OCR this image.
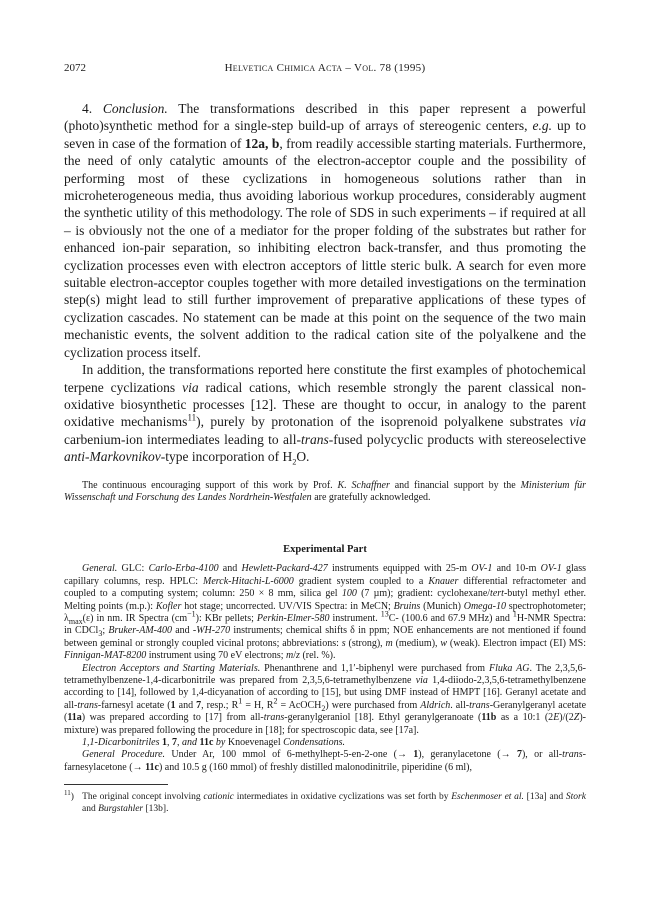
2072	Helvetica Chimica Acta – Vol. 78 (1995)

4. Conclusion. The transformations described in this paper represent a powerful (photo)synthetic method for a single-step build-up of arrays of stereogenic centers, e.g. up to seven in case of the formation of 12a, b, from readily accessible starting materials. Furthermore, the need of only catalytic amounts of the electron-acceptor couple and the possibility of performing most of these cyclizations in homogeneous solutions rather than in microheterogeneous media, thus avoiding laborious workup procedures, considerably augment the synthetic utility of this methodology. The role of SDS in such experiments – if required at all – is obviously not the one of a mediator for the proper folding of the substrates but rather for enhanced ion-pair separation, so inhibiting electron back-transfer, and thus promoting the cyclization processes even with electron acceptors of little steric bulk. A search for even more suitable electron-acceptor couples together with more detailed investigations on the termination step(s) might lead to still further improvement of preparative applications of these types of cyclization cascades. No statement can be made at this point on the sequence of the two main mechanistic events, the solvent addition to the radical cation site of the polyalkene and the cyclization process itself.

In addition, the transformations reported here constitute the first examples of photochemical terpene cyclizations via radical cations, which resemble strongly the parent classical non-oxidative biosynthetic processes [12]. These are thought to occur, in analogy to the parent oxidative mechanisms$^{11}$), purely by protonation of the isoprenoid polyalkene substrates via carbenium-ion intermediates leading to all-trans-fused polycyclic products with stereoselective anti-Markovnikov-type incorporation of $H_2O$.

The continuous encouraging support of this work by Prof. K. Schaffner and financial support by the Ministerium für Wissenschaft und Forschung des Landes Nordrhein-Westfalen are gratefully acknowledged.

Experimental Part

General. GLC: Carlo-Erba-4100 and Hewlett-Packard-427 instruments equipped with 25-m OV-1 and 10-m OV-1 glass capillary columns, resp. HPLC: Merck-Hitachi-L-6000 gradient system coupled to a Knauer differential refractometer and coupled to a computing system; column: 250 × 8 mm, silica gel 100 (7 µm); gradient: cyclohexane/tert-butyl methyl ether. Melting points (m.p.): Kofler hot stage; uncorrected. UV/VIS Spectra: in MeCN; Bruins (Munich) Omega-10 spectrophotometer; $\lambda_{max}(\varepsilon)$ in nm. IR Spectra $(cm^{-1})$: KBr pellets; Perkin-Elmer-580 instrument. $^{13}$C- (100.6 and 67.9 MHz) and $^1$H-NMR Spectra: in CDCl$_3$; Bruker-AM-400 and -WH-270 instruments; chemical shifts δ in ppm; NOE enhancements are not mentioned if found between geminal or strongly coupled vicinal protons; abbreviations: s (strong), m (medium), w (weak). Electron impact (EI) MS: Finnigan-MAT-8200 instrument using 70 eV electrons; m/z (rel. %).

Electron Acceptors and Starting Materials. Phenanthrene and 1,1′-biphenyl were purchased from Fluka AG. The 2,3,5,6-tetramethylbenzene-1,4-dicarbonitrile was prepared from 2,3,5,6-tetramethylbenzene via 1,4-diiodo-2,3,5,6-tetramethylbenzene according to [14], followed by 1,4-dicyanation of according to [15], but using DMF instead of HMPT [16]. Geranyl acetate and all-trans-farnesyl acetate (1 and 7, resp.; $R^1 = H$, $R^2$ = AcOCH$_2$) were purchased from Aldrich. all-trans-Geranylgeranyl acetate (11a) was prepared according to [17] from all-trans-geranylgeraniol [18]. Ethyl geranylgeranoate (11b as a 10:1 (2E)/(2Z)-mixture) was prepared following the procedure in [18]; for spectroscopic data, see [17a].

1,1-Dicarbonitriles 1, 7, and 11c by Knoevenagel Condensations.

General Procedure. Under Ar, 100 mmol of 6-methylhept-5-en-2-one (→ 1), geranylacetone (→ 7), or all-trans-farnesylacetone (→ 11c) and 10.5 g (160 mmol) of freshly distilled malonodinitrile, piperidine (6 ml),

$^{11}$)   The original concept involving cationic intermediates in oxidative cyclizations was set forth by Eschenmoser et al. [13a] and Stork and Burgstahler [13b].
